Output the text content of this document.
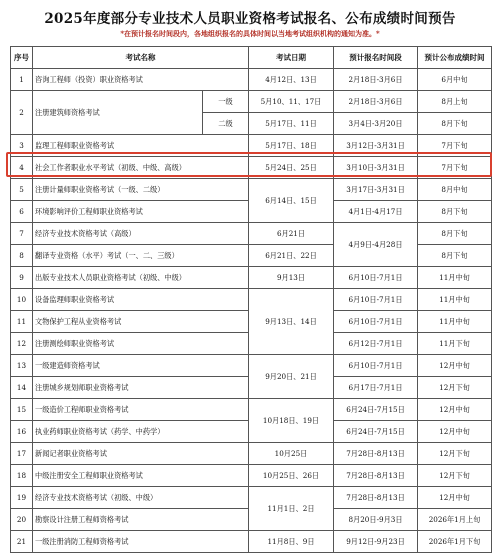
2025年度部分专业技术人员职业资格考试报名、公布成绩时间预告
*在预计报名时间段内，各地组织报名的具体时间以当地考试组织机构的通知为准。*
序号	考试名称		考试日期	预计报名时间段	预计公布成绩时间
1	咨询工程师（投资）职业资格考试		4月12日、13日	2月18日-3月6日	6月中旬
2	注册建筑师资格考试	一级	5月10、11、17日	2月18日-3月6日	8月上旬
		二级	5月17日、11日	3月4日-3月20日	8月下旬
3	监理工程师职业资格考试		5月17日、18日	3月12日-3月31日	7月下旬
4	社会工作者职业水平考试（初级、中级、高级）		5月24日、25日	3月10日-3月31日	7月下旬
5	注册计量师职业资格考试（一级、二级）		6月14日、15日	3月17日-3月31日	8月中旬
6	环境影响评价工程师职业资格考试			4月1日-4月17日	8月下旬
7	经济专业技术资格考试（高级）		6月21日	4月9日-4月28日	8月下旬
8	翻译专业资格（水平）考试（一、二、三级）		6月21日、22日		8月下旬
9	出版专业技术人员职业资格考试（初级、中级）		9月13日	6月10日-7月1日	11月中旬
10	设备监理师职业资格考试		9月13日、14日	6月10日-7月1日	11月中旬
11	文物保护工程从业资格考试			6月10日-7月1日	11月中旬
12	注册测绘师职业资格考试			6月12日-7月1日	11月下旬
13	一级建造师资格考试		9月20日、21日	6月10日-7月1日	12月中旬
14	注册城乡规划师职业资格考试			6月17日-7月1日	12月下旬
15	一级造价工程师职业资格考试		10月18日、19日	6月24日-7月15日	12月中旬
16	执业药师职业资格考试（药学、中药学）			6月24日-7月15日	12月中旬
17	新闻记者职业资格考试		10月25日	7月28日-8月13日	12月下旬
18	中级注册安全工程师职业资格考试		10月25日、26日	7月28日-8月13日	12月下旬
19	经济专业技术资格考试（初级、中级）		11月1日、2日	7月28日-8月13日	12月中旬
20	勘察设计注册工程师资格考试			8月20日-9月3日	2026年1月上旬
21	一级注册消防工程师资格考试		11月8日、9日	9月12日-9月23日	2026年1月下旬
